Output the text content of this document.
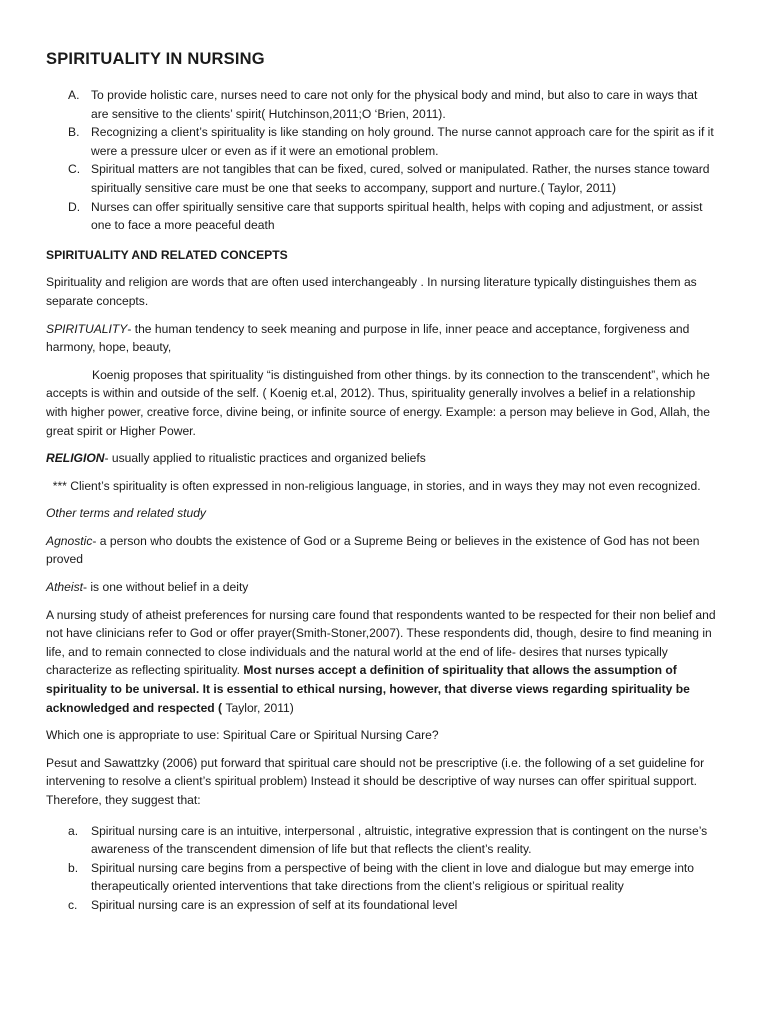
SPIRITUALITY IN NURSING
A. To provide holistic care, nurses need to care not only for the physical body and mind, but also to care in ways that are sensitive to the clients’ spirit( Hutchinson,2011;O ‘Brien, 2011).
B. Recognizing a client’s spirituality is like standing on holy ground. The nurse cannot approach care for the spirit as if it were a pressure ulcer or even as if it were an emotional problem.
C. Spiritual matters are not tangibles that can be fixed, cured, solved or manipulated. Rather, the nurses stance toward spiritually sensitive care must be one that seeks to accompany, support and nurture.( Taylor, 2011)
D. Nurses can offer spiritually sensitive care that supports spiritual health, helps with coping and adjustment, or assist one to face a more peaceful death
SPIRITUALITY AND RELATED CONCEPTS

Spirituality and religion are words that are often used interchangeably . In nursing literature typically distinguishes them as separate concepts.

SPIRITUALITY- the human tendency to seek meaning and purpose in life, inner peace and acceptance, forgiveness and harmony, hope, beauty,

Koenig proposes that spirituality “is distinguished from other things. by its connection to the transcendent”, which he accepts is within and outside of the self. ( Koenig et.al, 2012). Thus, spirituality generally involves a belief in a relationship with higher power, creative force, divine being, or infinite source of energy. Example: a person may believe in God, Allah, the great spirit or Higher Power.

RELIGION- usually applied to ritualistic practices and organized beliefs

*** Client’s spirituality is often expressed in non-religious language, in stories, and in ways they may not even recognized.

Other terms and related study

Agnostic- a person who doubts the existence of God or a Supreme Being or believes in the existence of God has not been proved

Atheist- is one without belief in a deity

A nursing study of atheist preferences for nursing care found that respondents wanted to be respected for their non belief and not have clinicians refer to God or offer prayer(Smith-Stoner,2007). These respondents did, though, desire to find meaning in life, and to remain connected to close individuals and the natural world at the end of life- desires that nurses typically characterize as reflecting spirituality. Most nurses accept a definition of spirituality that allows the assumption of spirituality to be universal. It is essential to ethical nursing, however, that diverse views regarding spirituality be acknowledged and respected ( Taylor, 2011)

Which one is appropriate to use: Spiritual Care or Spiritual Nursing Care?

Pesut and Sawattzky (2006) put forward that spiritual care should not be prescriptive (i.e. the following of a set guideline for intervening to resolve a client’s spiritual problem) Instead it should be descriptive of way nurses can offer spiritual support. Therefore, they suggest that:

a. Spiritual nursing care is an intuitive, interpersonal , altruistic, integrative expression that is contingent on the nurse’s awareness of the transcendent dimension of life but that reflects the client’s reality.
b. Spiritual nursing care begins from a perspective of being with the client in love and dialogue but may emerge into therapeutically oriented interventions that take directions from the client’s religious or spiritual reality
c. Spiritual nursing care is an expression of self at its foundational level
